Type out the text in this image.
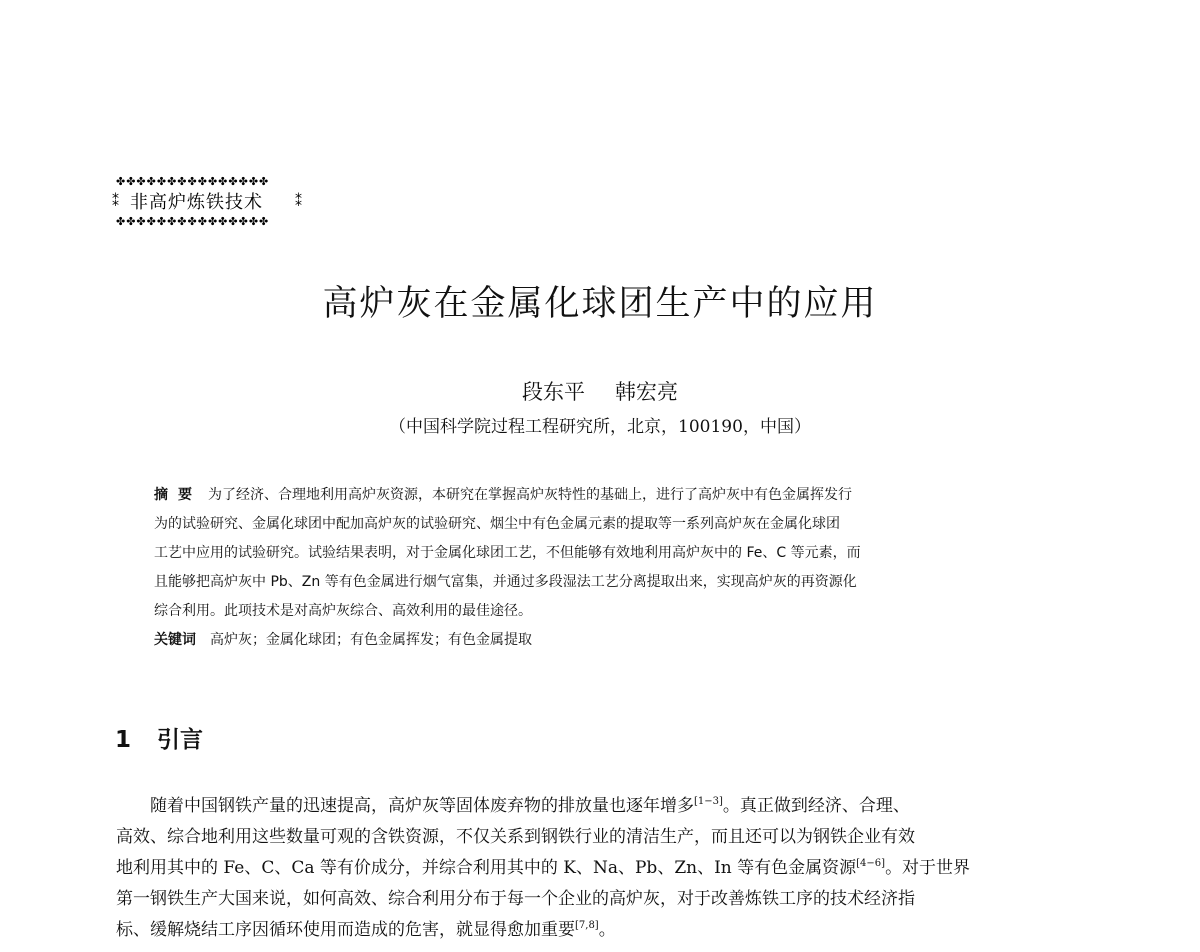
✤✤✤✤✤✤✤✤✤✤✤✤✤✤✤
⁑ 非高炉炼铁技术 ⁑
✤✤✤✤✤✤✤✤✤✤✤✤✤✤✤
高炉灰在金属化球团生产中的应用
段东平 韩宏亮
（中国科学院过程工程研究所，北京，100190，中国）
摘要 为了经济、合理地利用高炉灰资源，本研究在掌握高炉灰特性的基础上，进行了高炉灰中有色金属挥发行
为的试验研究、金属化球团中配加高炉灰的试验研究、烟尘中有色金属元素的提取等一系列高炉灰在金属化球团
工艺中应用的试验研究。试验结果表明，对于金属化球团工艺，不但能够有效地利用高炉灰中的 Fe、C 等元素，而
且能够把高炉灰中 Pb、Zn 等有色金属进行烟气富集，并通过多段湿法工艺分离提取出来，实现高炉灰的再资源化
综合利用。此项技术是对高炉灰综合、高效利用的最佳途径。
关键词 高炉灰；金属化球团；有色金属挥发；有色金属提取
1 引言
随着中国钢铁产量的迅速提高，高炉灰等固体废弃物的排放量也逐年增多[1−3]。真正做到经济、合理、
高效、综合地利用这些数量可观的含铁资源，不仅关系到钢铁行业的清洁生产，而且还可以为钢铁企业有效
地利用其中的 Fe、C、Ca 等有价成分，并综合利用其中的 K、Na、Pb、Zn、In 等有色金属资源[4−6]。对于世界
第一钢铁生产大国来说，如何高效、综合利用分布于每一个企业的高炉灰，对于改善炼铁工序的技术经济指
标、缓解烧结工序因循环使用而造成的危害，就显得愈加重要[7,8]。
